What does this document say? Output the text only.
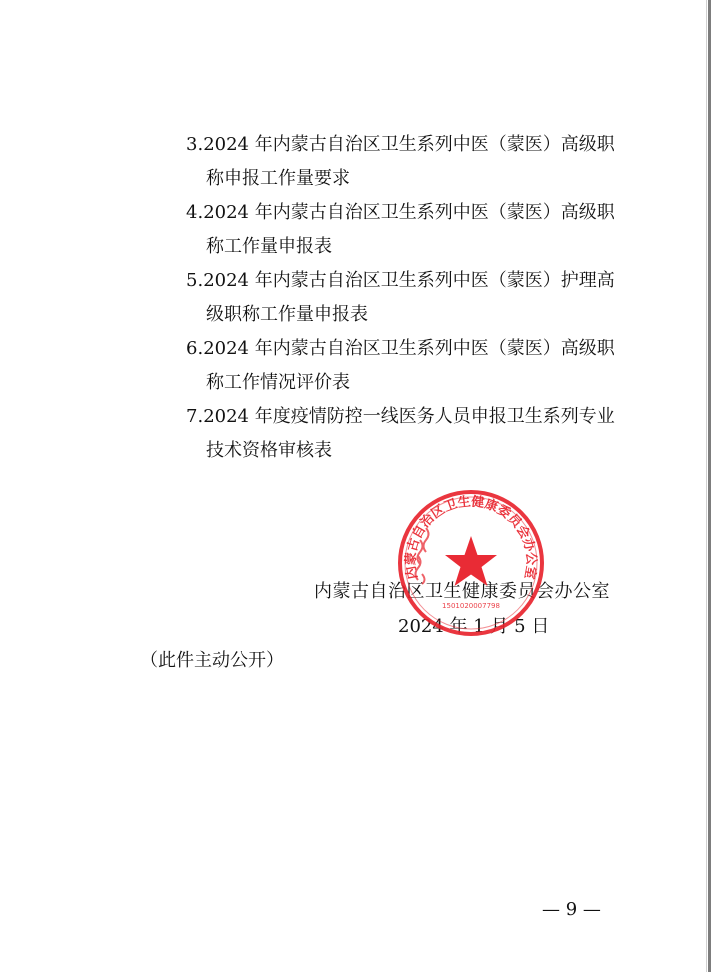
3.2024 年内蒙古自治区卫生系列中医（蒙医）高级职
称申报工作量要求
4.2024 年内蒙古自治区卫生系列中医（蒙医）高级职
称工作量申报表
5.2024 年内蒙古自治区卫生系列中医（蒙医）护理高
级职称工作量申报表
6.2024 年内蒙古自治区卫生系列中医（蒙医）高级职
称工作情况评价表
7.2024 年度疫情防控一线医务人员申报卫生系列专业
技术资格审核表
内蒙古自治区卫生健康委员会办公室
2024 年 1 月 5 日
（此件主动公开）
— 9 —
内蒙古自治区卫生健康委员会办公室
1501020007798
